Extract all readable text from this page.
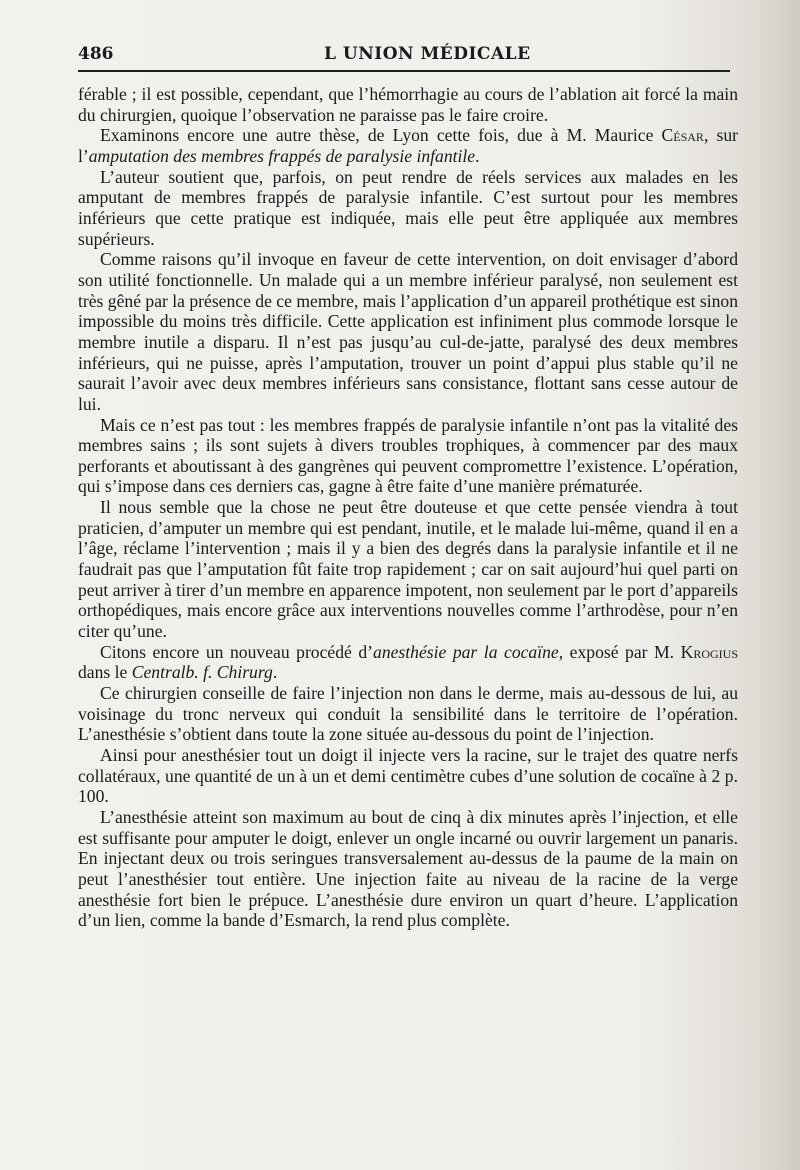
486	L UNION MÉDICALE

férable ; il est possible, cependant, que l’hémorrhagie au cours de l’ablation ait forcé la main du chirurgien, quoique l’observation ne paraisse pas le faire croire.

Examinons encore une autre thèse, de Lyon cette fois, due à M. Maurice César, sur l’amputation des membres frappés de paralysie infantile.

L’auteur soutient que, parfois, on peut rendre de réels services aux malades en les amputant de membres frappés de paralysie infantile. C’est surtout pour les membres inférieurs que cette pratique est indiquée, mais elle peut être appliquée aux membres supérieurs.

Comme raisons qu’il invoque en faveur de cette intervention, on doit envisager d’abord son utilité fonctionnelle. Un malade qui a un membre inférieur paralysé, non seulement est très gêné par la présence de ce membre, mais l’application d’un appareil prothétique est sinon impossible du moins très difficile. Cette application est infiniment plus commode lorsque le membre inutile a disparu. Il n’est pas jusqu’au cul-de-jatte, paralysé des deux membres inférieurs, qui ne puisse, après l’amputation, trouver un point d’appui plus stable qu’il ne saurait l’avoir avec deux membres inférieurs sans consistance, flottant sans cesse autour de lui.

Mais ce n’est pas tout : les membres frappés de paralysie infantile n’ont pas la vitalité des membres sains ; ils sont sujets à divers troubles trophiques, à commencer par des maux perforants et aboutissant à des gangrènes qui peuvent compromettre l’existence. L’opération, qui s’impose dans ces derniers cas, gagne à être faite d’une manière prématurée.

Il nous semble que la chose ne peut être douteuse et que cette pensée viendra à tout praticien, d’amputer un membre qui est pendant, inutile, et le malade lui-même, quand il en a l’âge, réclame l’intervention ; mais il y a bien des degrés dans la paralysie infantile et il ne faudrait pas que l’amputation fût faite trop rapidement ; car on sait aujourd’hui quel parti on peut arriver à tirer d’un membre en apparence impotent, non seulement par le port d’appareils orthopédiques, mais encore grâce aux interventions nouvelles comme l’arthrodèse, pour n’en citer qu’une.

Citons encore un nouveau procédé d’anesthésie par la cocaïne, exposé par M. Krogius dans le Centralb. f. Chirurg.

Ce chirurgien conseille de faire l’injection non dans le derme, mais au-dessous de lui, au voisinage du tronc nerveux qui conduit la sensibilité dans le territoire de l’opération. L’anesthésie s’obtient dans toute la zone située au-dessous du point de l’injection.

Ainsi pour anesthésier tout un doigt il injecte vers la racine, sur le trajet des quatre nerfs collatéraux, une quantité de un à un et demi centimètre cubes d’une solution de cocaïne à 2 p. 100.

L’anesthésie atteint son maximum au bout de cinq à dix minutes après l’injection, et elle est suffisante pour amputer le doigt, enlever un ongle incarné ou ouvrir largement un panaris. En injectant deux ou trois seringues transversalement au-dessus de la paume de la main on peut l’anesthésier tout entière. Une injection faite au niveau de la racine de la verge anesthésie fort bien le prépuce. L’anesthésie dure environ un quart d’heure. L’application d’un lien, comme la bande d’Esmarch, la rend plus complète.
